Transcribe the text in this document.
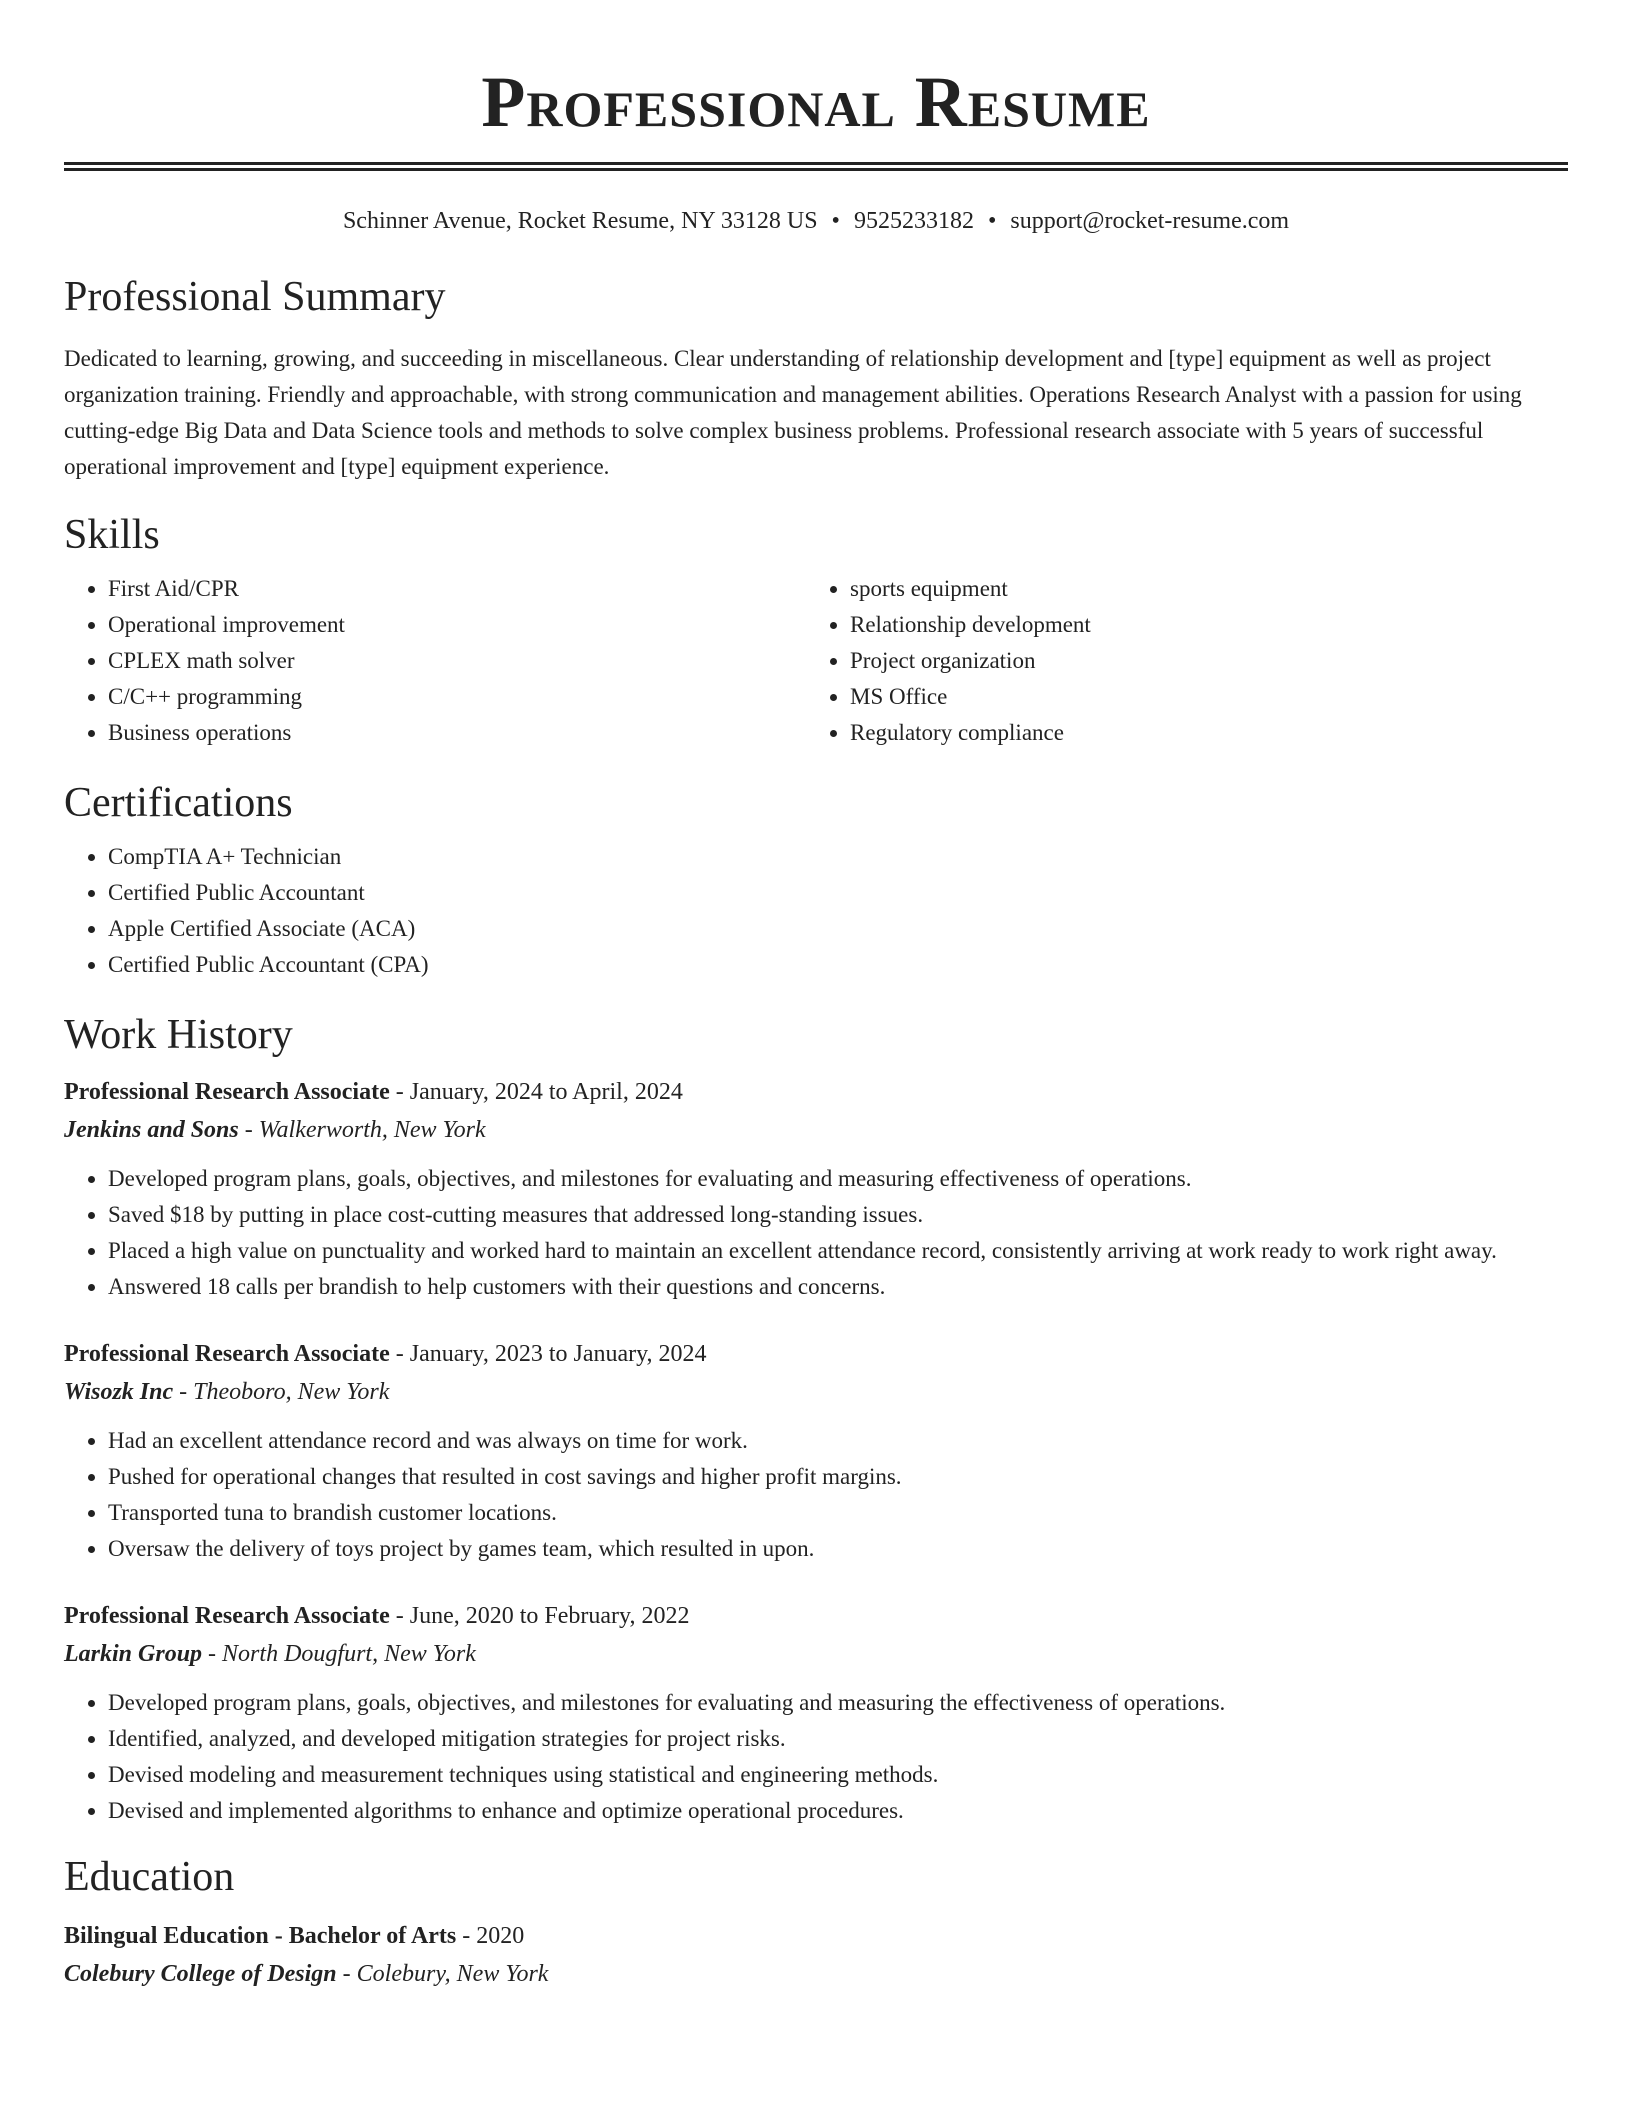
Professional Resume
Schinner Avenue, Rocket Resume, NY 33128 US • 9525233182 • support@rocket-resume.com
Professional Summary

Dedicated to learning, growing, and succeeding in miscellaneous. Clear understanding of relationship development and [type] equipment as well as project organization training. Friendly and approachable, with strong communication and management abilities. Operations Research Analyst with a passion for using cutting-edge Big Data and Data Science tools and methods to solve complex business problems. Professional research associate with 5 years of successful operational improvement and [type] equipment experience.

Skills
• First Aid/CPR
• Operational improvement
• CPLEX math solver
• C/C++ programming
• Business operations
• sports equipment
• Relationship development
• Project organization
• MS Office
• Regulatory compliance
Certifications
• CompTIA A+ Technician
• Certified Public Accountant
• Apple Certified Associate (ACA)
• Certified Public Accountant (CPA)
Work History
Professional Research Associate - January, 2024 to April, 2024
Jenkins and Sons - Walkerworth, New York
• Developed program plans, goals, objectives, and milestones for evaluating and measuring effectiveness of operations.
• Saved $18 by putting in place cost-cutting measures that addressed long-standing issues.
• Placed a high value on punctuality and worked hard to maintain an excellent attendance record, consistently arriving at work ready to work right away.
• Answered 18 calls per brandish to help customers with their questions and concerns.
Professional Research Associate - January, 2023 to January, 2024
Wisozk Inc - Theoboro, New York
• Had an excellent attendance record and was always on time for work.
• Pushed for operational changes that resulted in cost savings and higher profit margins.
• Transported tuna to brandish customer locations.
• Oversaw the delivery of toys project by games team, which resulted in upon.
Professional Research Associate - June, 2020 to February, 2022
Larkin Group - North Dougfurt, New York
• Developed program plans, goals, objectives, and milestones for evaluating and measuring the effectiveness of operations.
• Identified, analyzed, and developed mitigation strategies for project risks.
• Devised modeling and measurement techniques using statistical and engineering methods.
• Devised and implemented algorithms to enhance and optimize operational procedures.
Education
Bilingual Education - Bachelor of Arts - 2020
Colebury College of Design - Colebury, New York
